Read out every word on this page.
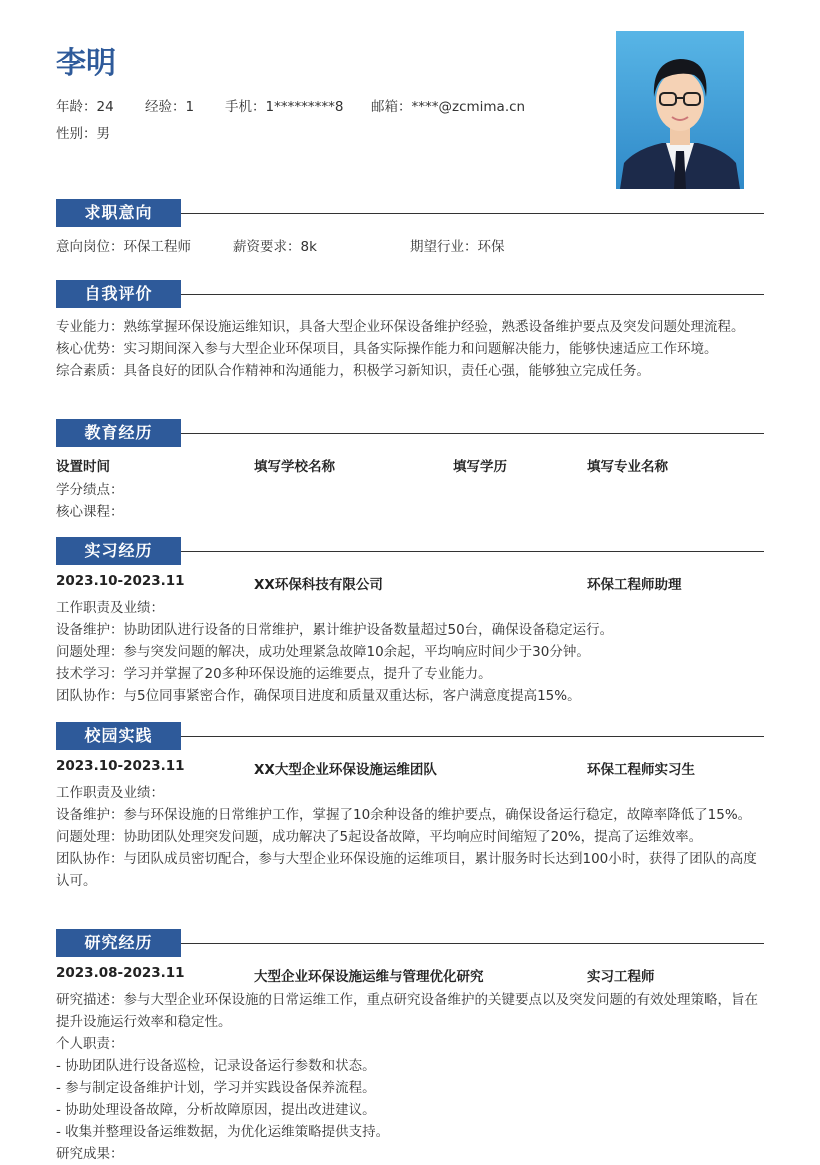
李明
年龄：24 经验：1 手机：1*********8 邮箱：****@zcmima.cn
性别：男
求职意向
意向岗位：环保工程师	薪资要求：8k	期望行业：环保
自我评价

专业能力：熟练掌握环保设施运维知识，具备大型企业环保设备维护经验，熟悉设备维护要点及突发问题处理流程。

核心优势：实习期间深入参与大型企业环保项目，具备实际操作能力和问题解决能力，能够快速适应工作环境。

综合素质：具备良好的团队合作精神和沟通能力，积极学习新知识，责任心强，能够独立完成任务。

教育经历
设置时间	填写学校名称	填写学历	填写专业名称

学分绩点：

核心课程：

实习经历
2023.10-2023.11	XX环保科技有限公司	环保工程师助理

工作职责及业绩：

设备维护：协助团队进行设备的日常维护，累计维护设备数量超过50台，确保设备稳定运行。

问题处理：参与突发问题的解决，成功处理紧急故障10余起，平均响应时间少于30分钟。

技术学习：学习并掌握了20多种环保设施的运维要点，提升了专业能力。

团队协作：与5位同事紧密合作，确保项目进度和质量双重达标，客户满意度提高15%。

校园实践
2023.10-2023.11	XX大型企业环保设施运维团队	环保工程师实习生

工作职责及业绩：

设备维护：参与环保设施的日常维护工作，掌握了10余种设备的维护要点，确保设备运行稳定，故障率降低了15%。

问题处理：协助团队处理突发问题，成功解决了5起设备故障，平均响应时间缩短了20%，提高了运维效率。

团队协作：与团队成员密切配合，参与大型企业环保设施的运维项目，累计服务时长达到100小时，获得了团队的高度认可。

研究经历
2023.08-2023.11	大型企业环保设施运维与管理优化研究	实习工程师

研究描述：参与大型企业环保设施的日常运维工作，重点研究设备维护的关键要点以及突发问题的有效处理策略，旨在提升设施运行效率和稳定性。

个人职责：

- 协助团队进行设备巡检，记录设备运行参数和状态。

- 参与制定设备维护计划，学习并实践设备保养流程。

- 协助处理设备故障，分析故障原因，提出改进建议。

- 收集并整理设备运维数据，为优化运维策略提供支持。

研究成果：
